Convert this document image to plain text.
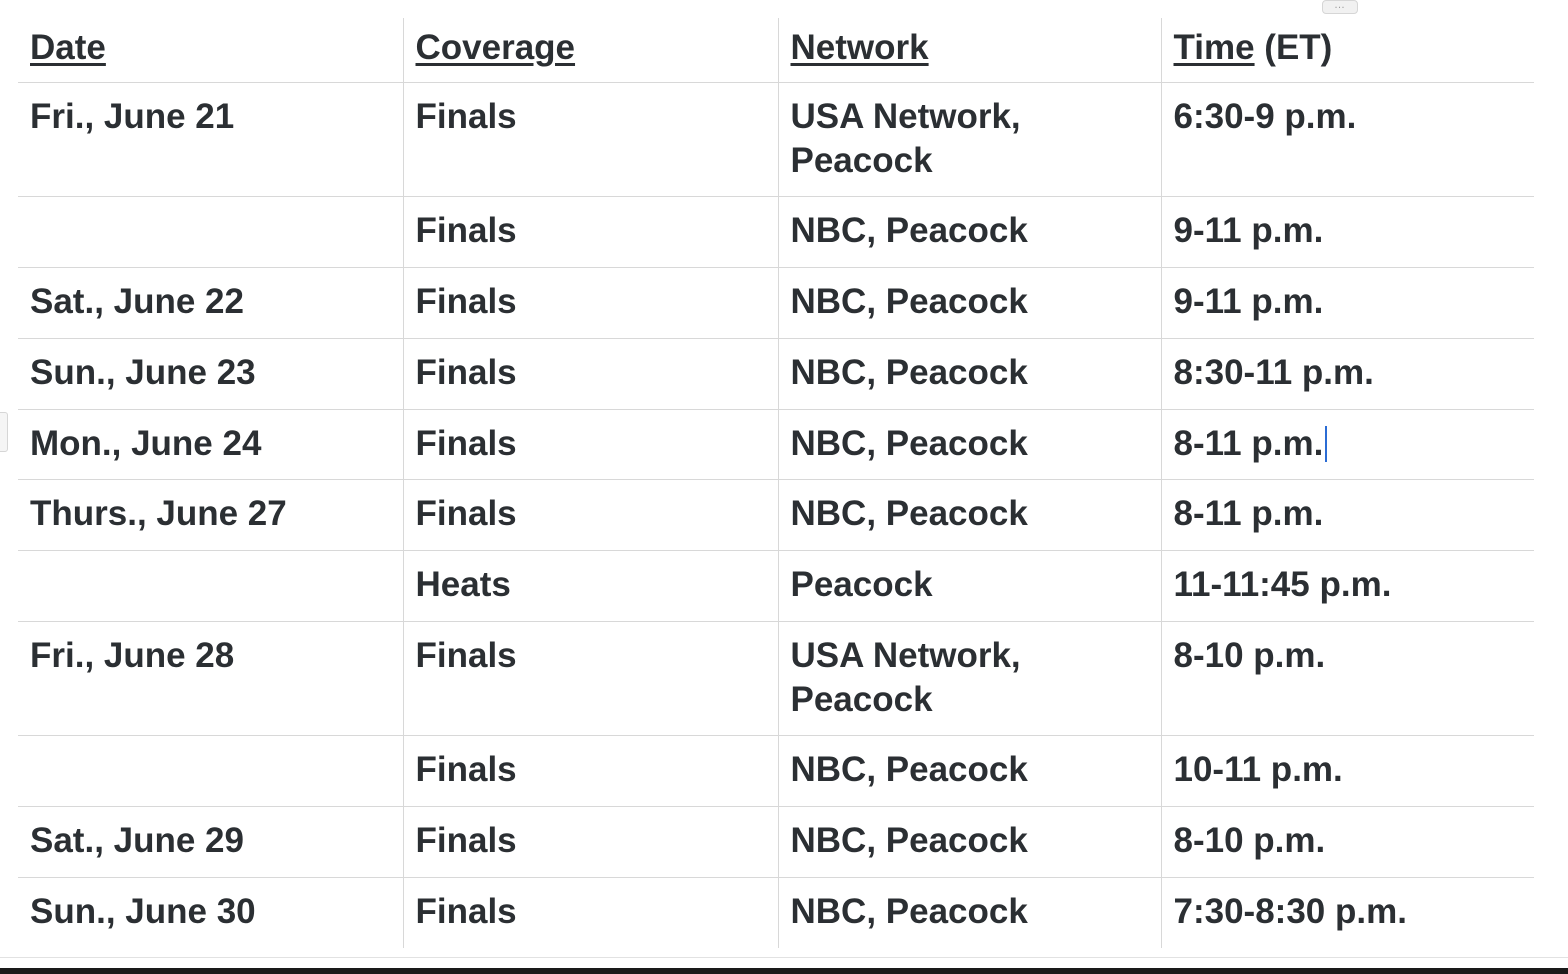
…
Date	Coverage	Network	Time (ET)
Fri., June 21	Finals	USA Network, Peacock	6:30-9 p.m.
	Finals	NBC, Peacock	9-11 p.m.
Sat., June 22	Finals	NBC, Peacock	9-11 p.m.
Sun., June 23	Finals	NBC, Peacock	8:30-11 p.m.
Mon., June 24	Finals	NBC, Peacock	8-11 p.m.
Thurs., June 27	Finals	NBC, Peacock	8-11 p.m.
	Heats	Peacock	11-11:45 p.m.
Fri., June 28	Finals	USA Network, Peacock	8-10 p.m.
	Finals	NBC, Peacock	10-11 p.m.
Sat., June 29	Finals	NBC, Peacock	8-10 p.m.
Sun., June 30	Finals	NBC, Peacock	7:30-8:30 p.m.
